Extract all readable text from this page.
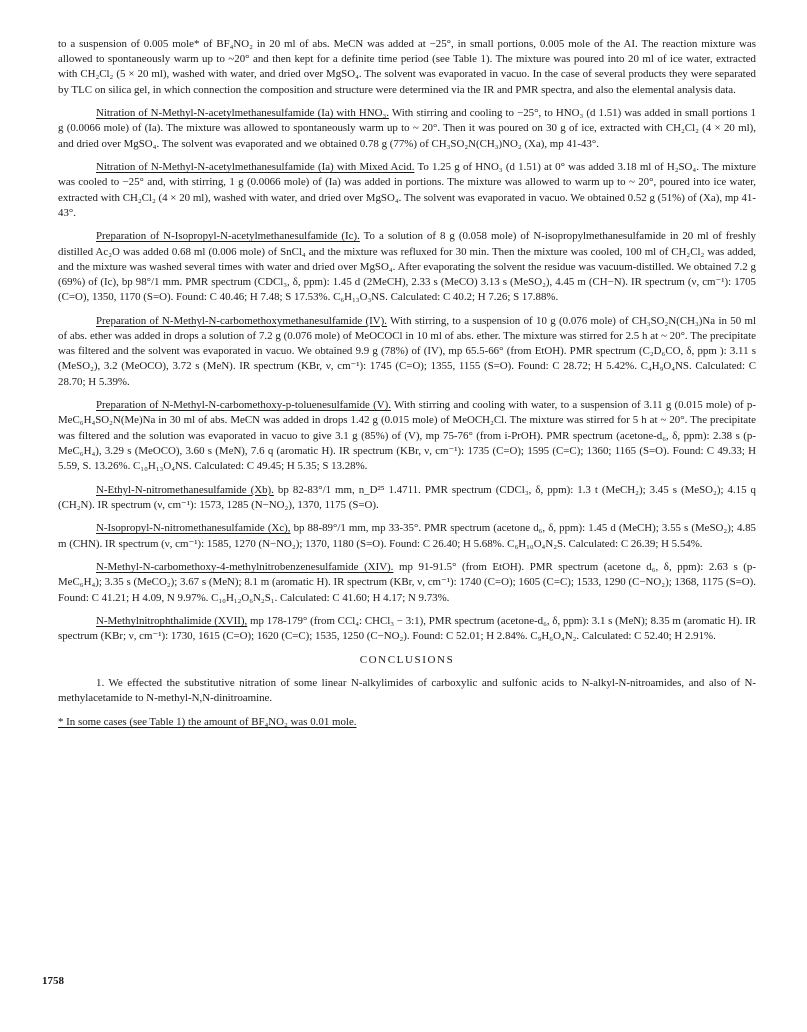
to a suspension of 0.005 mole* of BF₄NO₂ in 20 ml of abs. MeCN was added at −25°, in small portions, 0.005 mole of the AI. The reaction mixture was allowed to spontaneously warm up to ~20° and then kept for a definite time period (see Table 1). The mixture was poured into 20 ml of ice water, extracted with CH₂Cl₂ (5 × 20 ml), washed with water, and dried over MgSO₄. The solvent was evaporated in vacuo. In the case of several products they were separated by TLC on silica gel, in which connection the composition and structure were determined via the IR and PMR spectra, and also the elemental analysis data.

Nitration of N-Methyl-N-acetylmethanesulfamide (Ia) with HNO₃. With stirring and cooling to −25°, to HNO₃ (d 1.51) was added in small portions 1 g (0.0066 mole) of (Ia). The mixture was allowed to spontaneously warm up to ~ 20°. Then it was poured on 30 g of ice, extracted with CH₂Cl₂ (4 × 20 ml), and dried over MgSO₄. The solvent was evaporated and we obtained 0.78 g (77%) of CH₃SO₂N(CH₃)NO₂ (Xa), mp 41-43°.

Nitration of N-Methyl-N-acetylmethanesulfamide (Ia) with Mixed Acid. To 1.25 g of HNO₃ (d 1.51) at 0° was added 3.18 ml of H₂SO₄. The mixture was cooled to −25° and, with stirring, 1 g (0.0066 mole) of (Ia) was added in portions. The mixture was allowed to warm up to ~ 20°, poured into ice water, extracted with CH₂Cl₂ (4 × 20 ml), washed with water, and dried over MgSO₄. The solvent was evaporated in vacuo. We obtained 0.52 g (51%) of (Xa), mp 41-43°.

Preparation of N-Isopropyl-N-acetylmethanesulfamide (Ic). To a solution of 8 g (0.058 mole) of N-isopropylmethanesulfamide in 20 ml of freshly distilled Ac₂O was added 0.68 ml (0.006 mole) of SnCl₄ and the mixture was refluxed for 30 min. Then the mixture was cooled, 100 ml of CH₂Cl₂ was added, and the mixture was washed several times with water and dried over MgSO₄. After evaporating the solvent the residue was vacuum-distilled. We obtained 7.2 g (69%) of (Ic), bp 98°/1 mm. PMR spectrum (CDCl₃, δ, ppm): 1.45 d (2MeCH), 2.33 s (MeCO) 3.13 s (MeSO₂), 4.45 m (CH−N). IR spectrum (ν, cm⁻¹): 1705 (C=O), 1350, 1170 (S=O). Found: C 40.46; H 7.48; S 17.53%. C₆H₁₃O₃NS. Calculated: C 40.2; H 7.26; S 17.88%.

Preparation of N-Methyl-N-carbomethoxymethanesulfamide (IV). With stirring, to a suspension of 10 g (0.076 mole) of CH₃SO₂N(CH₃)Na in 50 ml of abs. ether was added in drops a solution of 7.2 g (0.076 mole) of MeOCOCl in 10 ml of abs. ether. The mixture was stirred for 2.5 h at ~ 20°. The precipitate was filtered and the solvent was evaporated in vacuo. We obtained 9.9 g (78%) of (IV), mp 65.5-66° (from EtOH). PMR spectrum (C₂D₆CO, δ, ppm ): 3.11 s (MeSO₂), 3.2 (MeOCO), 3.72 s (MeN). IR spectrum (KBr, ν, cm⁻¹): 1745 (C=O); 1355, 1155 (S=O). Found: C 28.72; H 5.42%. C₄H₉O₄NS. Calculated: C 28.70; H 5.39%.

Preparation of N-Methyl-N-carbomethoxy-p-toluenesulfamide (V). With stirring and cooling with water, to a suspension of 3.11 g (0.015 mole) of p-MeC₆H₄SO₂N(Me)Na in 30 ml of abs. MeCN was added in drops 1.42 g (0.015 mole) of MeOCH₂Cl. The mixture was stirred for 5 h at ~ 20°. The precipitate was filtered and the solution was evaporated in vacuo to give 3.1 g (85%) of (V), mp 75-76° (from i-PrOH). PMR spectrum (acetone-d₆, δ, ppm): 2.38 s (p-MeC₆H₄), 3.29 s (MeOCO), 3.60 s (MeN), 7.6 q (aromatic H). IR spectrum (KBr, ν, cm⁻¹): 1735 (C=O); 1595 (C=C); 1360; 1165 (S=O). Found: C 49.33; H 5.59, S. 13.26%. C₁₀H₁₃O₄NS. Calculated: C 49.45; H 5.35; S 13.28%.

N-Ethyl-N-nitromethanesulfamide (Xb). bp 82-83°/1 mm, n_D²⁵ 1.4711. PMR spectrum (CDCl₃, δ, ppm): 1.3 t (MeCH₂); 3.45 s (MeSO₂); 4.15 q (CH₂N). IR spectrum (ν, cm⁻¹): 1573, 1285 (N−NO₂), 1370, 1175 (S=O).

N-Isopropyl-N-nitromethanesulfamide (Xc), bp 88-89°/1 mm, mp 33-35°. PMR spectrum (acetone d₆, δ, ppm): 1.45 d (MeCH); 3.55 s (MeSO₂); 4.85 m (CHN). IR spectrum (ν, cm⁻¹): 1585, 1270 (N−NO₂); 1370, 1180 (S=O). Found: C 26.40; H 5.68%. C₆H₁₀O₄N₂S. Calculated: C 26.39; H 5.54%.

N-Methyl-N-carbomethoxy-4-methylnitrobenzenesulfamide (XIV). mp 91-91.5° (from EtOH). PMR spectrum (acetone d₆, δ, ppm): 2.63 s (p-MeC₆H₄); 3.35 s (MeCO₂); 3.67 s (MeN); 8.1 m (aromatic H). IR spectrum (KBr, ν, cm⁻¹): 1740 (C=O); 1605 (C=C); 1533, 1290 (C−NO₂); 1368, 1175 (S=O). Found: C 41.21; H 4.09, N 9.97%. C₁₀H₁₂O₆N₂S₁. Calculated: C 41.60; H 4.17; N 9.73%.

N-Methylnitrophthalimide (XVII), mp 178-179° (from CCl₄: CHCl₃ − 3:1), PMR spectrum (acetone-d₆, δ, ppm): 3.1 s (MeN); 8.35 m (aromatic H). IR spectrum (KBr; ν, cm⁻¹): 1730, 1615 (C=O); 1620 (C=C); 1535, 1250 (C−NO₂). Found: C 52.01; H 2.84%. C₉H₆O₄N₂. Calculated: C 52.40; H 2.91%.

CONCLUSIONS

1. We effected the substitutive nitration of some linear N-alkylimides of carboxylic and sulfonic acids to N-alkyl-N-nitroamides, and also of N-methylacetamide to N-methyl-N,N-dinitroamine.

* In some cases (see Table 1) the amount of BF₄NO₂ was 0.01 mole.

1758
